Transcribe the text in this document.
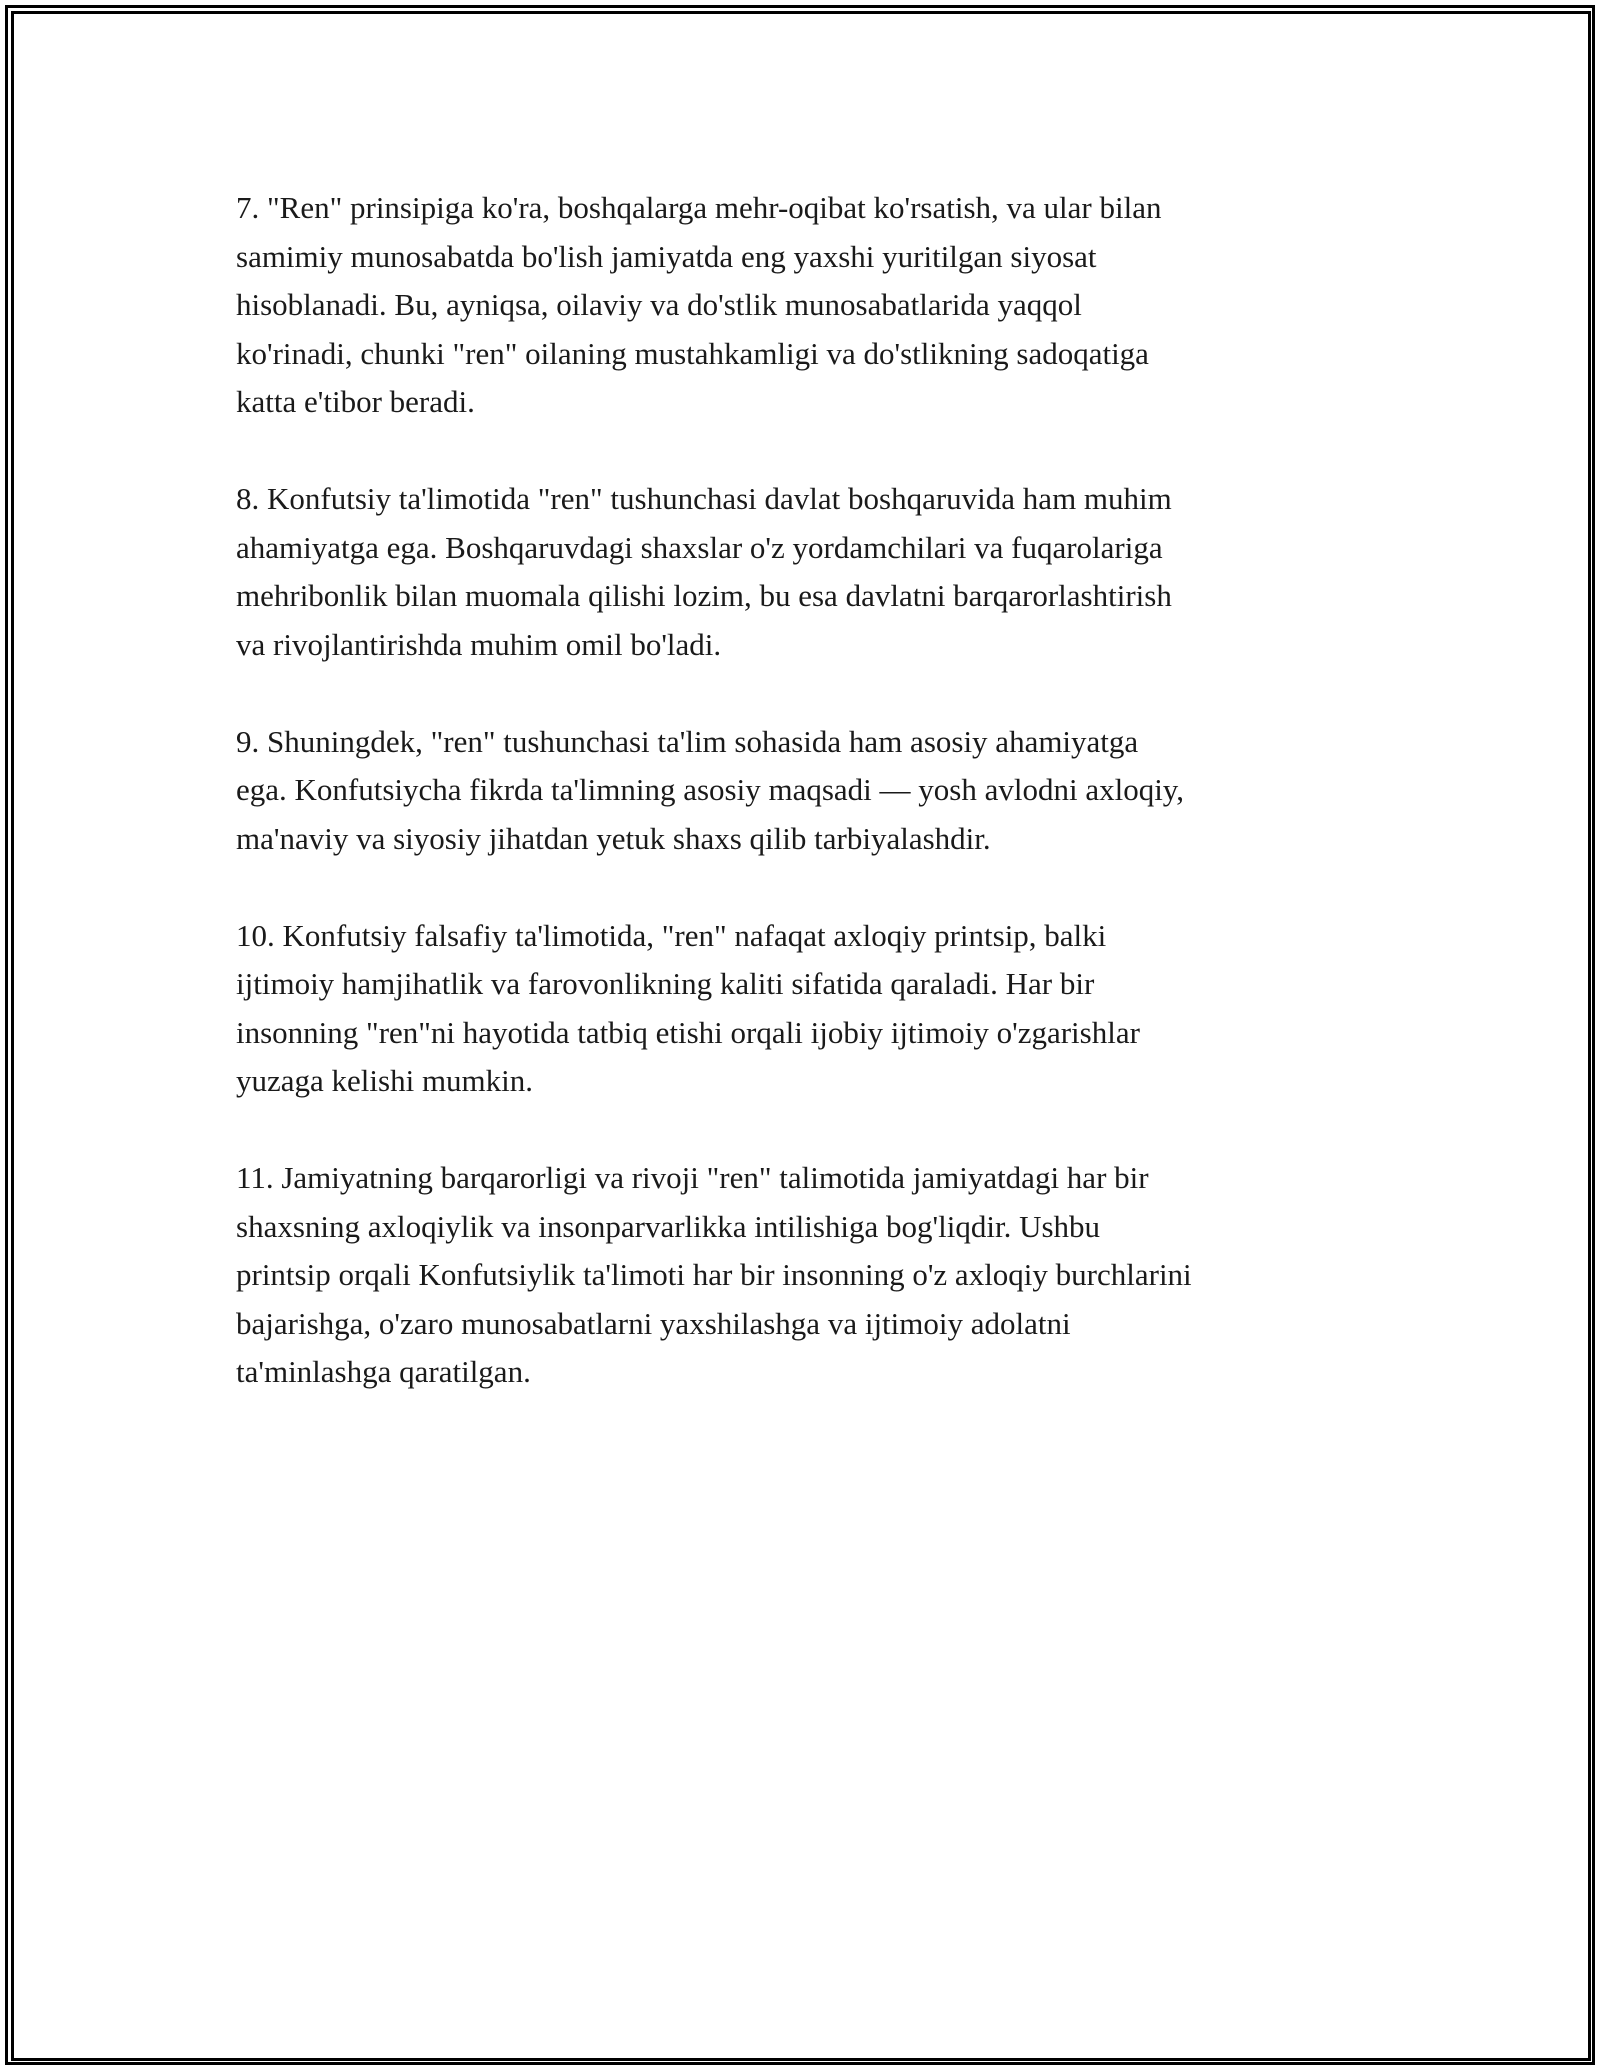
7. "Ren" prinsipiga ko'ra, boshqalarga mehr-oqibat ko'rsatish, va ular bilan
samimiy munosabatda bo'lish jamiyatda eng yaxshi yuritilgan siyosat
hisoblanadi. Bu, ayniqsa, oilaviy va do'stlik munosabatlarida yaqqol
ko'rinadi, chunki "ren" oilaning mustahkamligi va do'stlikning sadoqatiga
katta e'tibor beradi.

8. Konfutsiy ta'limotida "ren" tushunchasi davlat boshqaruvida ham muhim
ahamiyatga ega. Boshqaruvdagi shaxslar o'z yordamchilari va fuqarolariga
mehribonlik bilan muomala qilishi lozim, bu esa davlatni barqarorlashtirish
va rivojlantirishda muhim omil bo'ladi.

9. Shuningdek, "ren" tushunchasi ta'lim sohasida ham asosiy ahamiyatga
ega. Konfutsiycha fikrda ta'limning asosiy maqsadi — yosh avlodni axloqiy,
ma'naviy va siyosiy jihatdan yetuk shaxs qilib tarbiyalashdir.

10. Konfutsiy falsafiy ta'limotida, "ren" nafaqat axloqiy printsip, balki
ijtimoiy hamjihatlik va farovonlikning kaliti sifatida qaraladi. Har bir
insonning "ren"ni hayotida tatbiq etishi orqali ijobiy ijtimoiy o'zgarishlar
yuzaga kelishi mumkin.

11. Jamiyatning barqarorligi va rivoji "ren" talimotida jamiyatdagi har bir
shaxsning axloqiylik va insonparvarlikka intilishiga bog'liqdir. Ushbu
printsip orqali Konfutsiylik ta'limoti har bir insonning o'z axloqiy burchlarini
bajarishga, o'zaro munosabatlarni yaxshilashga va ijtimoiy adolatni
ta'minlashga qaratilgan.
